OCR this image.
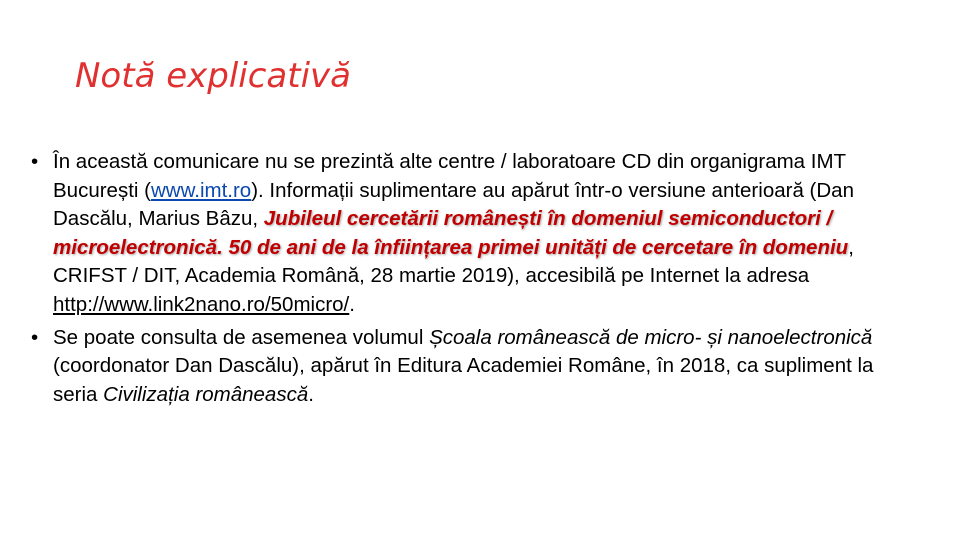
Notă explicativă
• În această comunicare nu se prezintă alte centre / laboratoare CD din organigrama IMT București (www.imt.ro). Informații suplimentare au apărut într-o versiune anterioară (Dan Dascălu, Marius Bâzu, Jubileul cercetării românești în domeniul semiconductori / microelectronică. 50 de ani de la înființarea primei unități de cercetare în domeniu, CRIFST / DIT, Academia Română, 28 martie 2019), accesibilă pe Internet la adresa http://www.link2nano.ro/50micro/.
• Se poate consulta de asemenea volumul Școala românească de micro- și nanoelectronică (coordonator Dan Dascălu), apărut în Editura Academiei Române, în 2018, ca supliment la seria Civilizația românească.
